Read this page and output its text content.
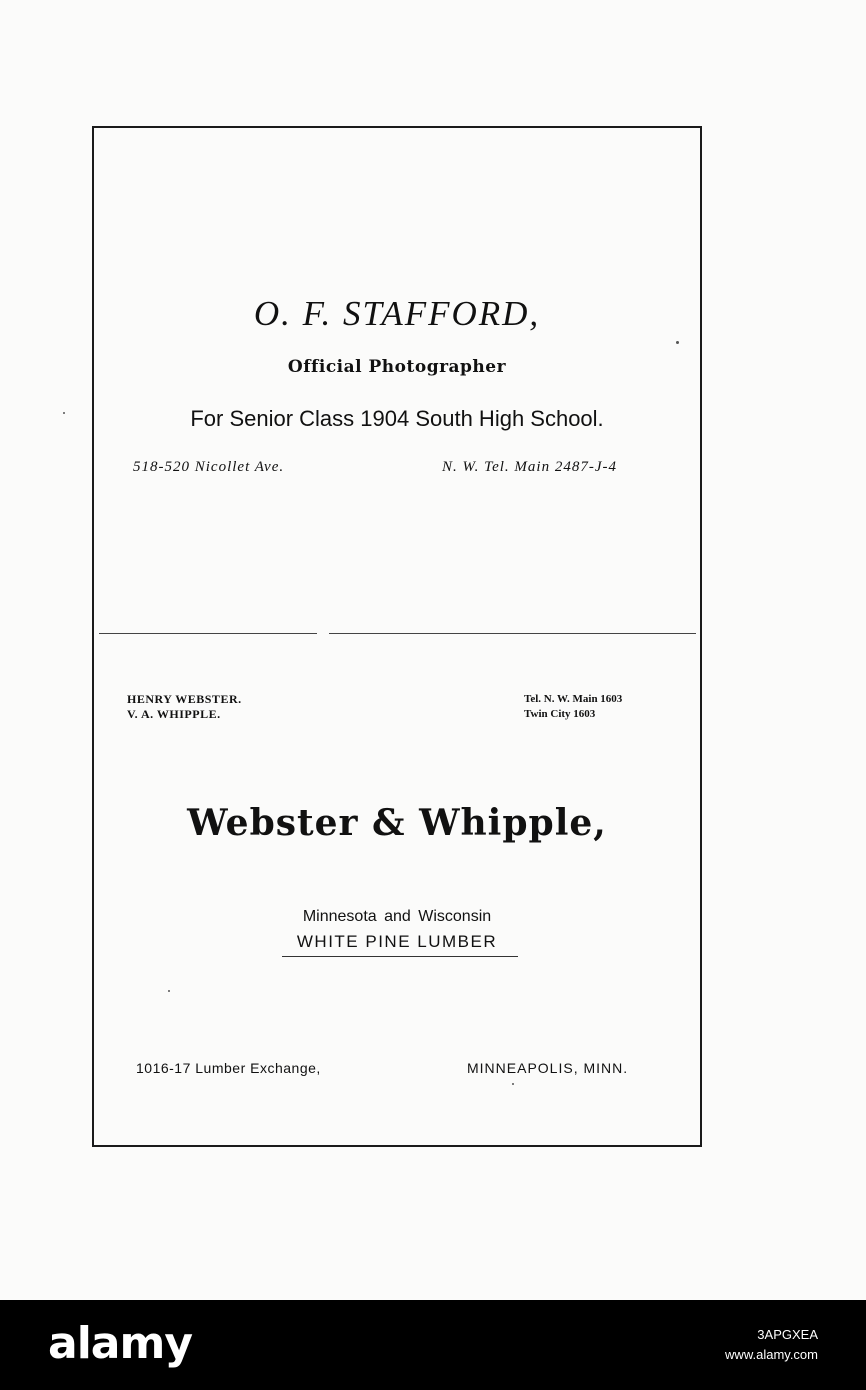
O. F. STAFFORD,
Official Photographer
For Senior Class 1904 South High School.
518-520 Nicollet Ave.	N. W. Tel. Main 2487-J-4
HENRY WEBSTER.
V. A. WHIPPLE.
Tel. N. W. Main 1603
Twin City 1603
Webster & Whipple,
Minnesota and Wisconsin
WHITE PINE LUMBER
1016-17 Lumber Exchange,	MINNEAPOLIS, MINN.
alamy	3APGXEA
www.alamy.com
